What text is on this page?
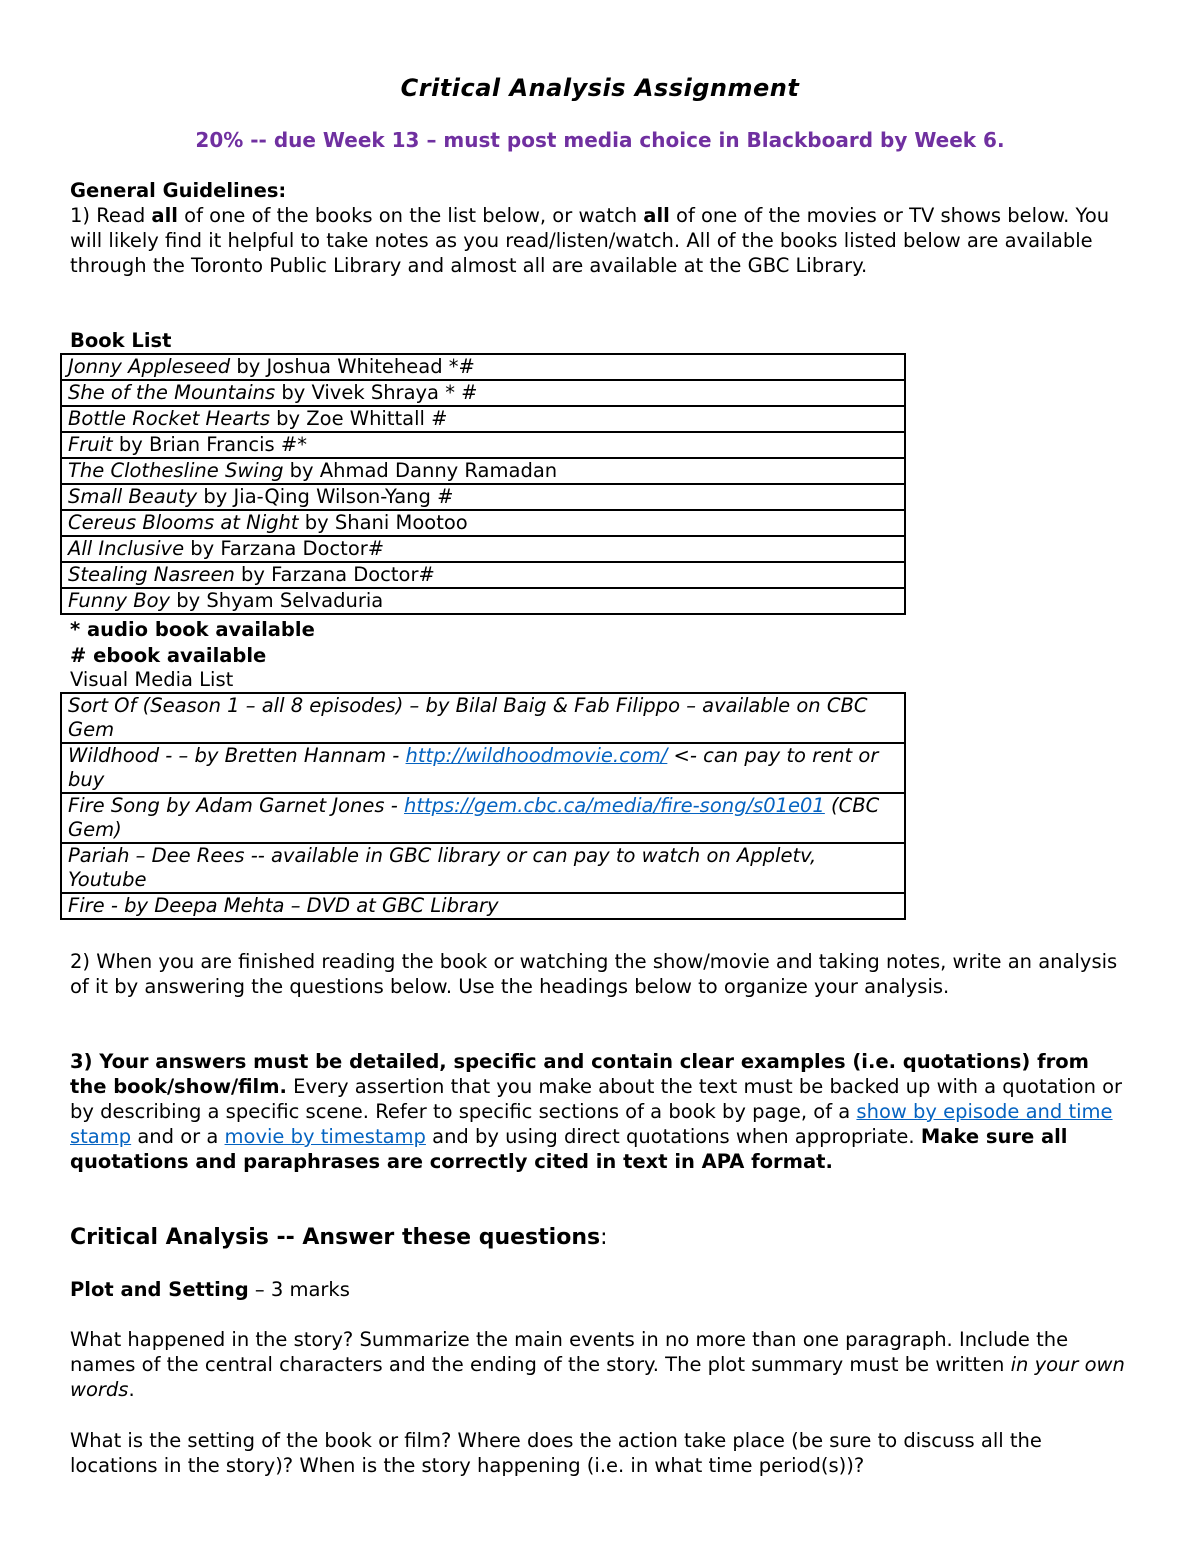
Critical Analysis Assignment
20% -- due Week 13 – must post media choice in Blackboard by Week 6.
General Guidelines:
1) Read all of one of the books on the list below, or watch all of one of the movies or TV shows below. You will likely find it helpful to take notes as you read/listen/watch. All of the books listed below are available through the Toronto Public Library and almost all are available at the GBC Library.
Book List
Jonny Appleseed by Joshua Whitehead *#
She of the Mountains by Vivek Shraya * #
Bottle Rocket Hearts by Zoe Whittall #
Fruit by Brian Francis #*
The Clothesline Swing by Ahmad Danny Ramadan
Small Beauty by Jia-Qing Wilson-Yang #
Cereus Blooms at Night by Shani Mootoo
All Inclusive by Farzana Doctor#
Stealing Nasreen by Farzana Doctor#
Funny Boy by Shyam Selvaduria
* audio book available
# ebook available
Visual Media List
Sort Of (Season 1 – all 8 episodes) – by Bilal Baig & Fab Filippo – available on CBC Gem
Wildhood - – by Bretten Hannam - http://wildhoodmovie.com/ <- can pay to rent or buy
Fire Song by Adam Garnet Jones - https://gem.cbc.ca/media/fire-song/s01e01 (CBC Gem)
Pariah – Dee Rees -- available in GBC library or can pay to watch on Appletv, Youtube
Fire - by Deepa Mehta – DVD at GBC Library
2) When you are finished reading the book or watching the show/movie and taking notes, write an analysis of it by answering the questions below. Use the headings below to organize your analysis.
3) Your answers must be detailed, specific and contain clear examples (i.e. quotations) from the book/show/film. Every assertion that you make about the text must be backed up with a quotation or by describing a specific scene. Refer to specific sections of a book by page, of a show by episode and time stamp and or a movie by timestamp and by using direct quotations when appropriate. Make sure all quotations and paraphrases are correctly cited in text in APA format.
Critical Analysis -- Answer these questions:
Plot and Setting – 3 marks
What happened in the story? Summarize the main events in no more than one paragraph. Include the names of the central characters and the ending of the story. The plot summary must be written in your own words.
What is the setting of the book or film? Where does the action take place (be sure to discuss all the locations in the story)? When is the story happening (i.e. in what time period(s))?
